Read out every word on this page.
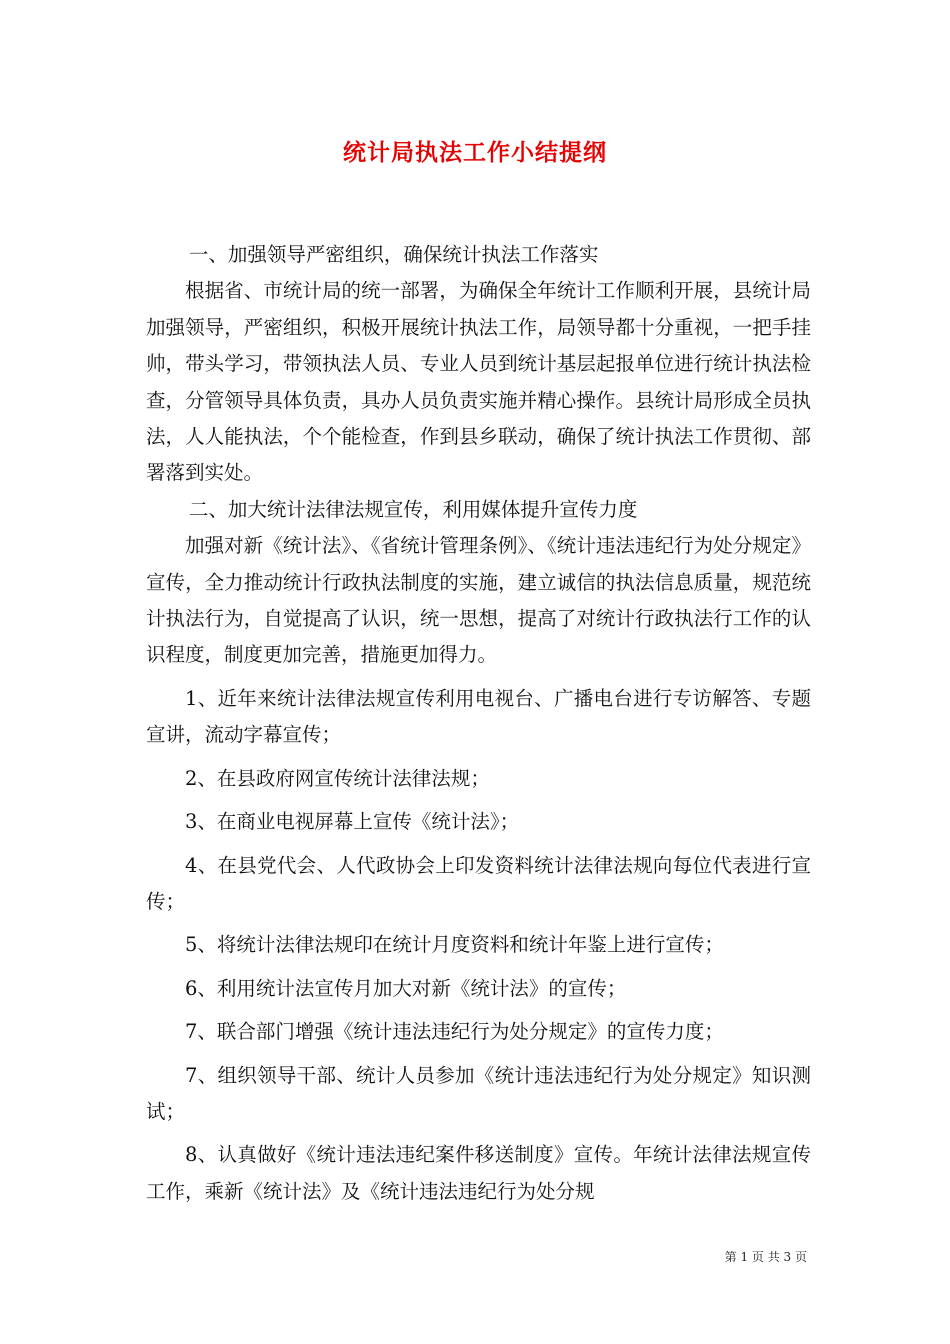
统计局执法工作小结提纲

一、加强领导严密组织，确保统计执法工作落实

根据省、市统计局的统一部署，为确保全年统计工作顺利开展，县统计局加强领导，严密组织，积极开展统计执法工作，局领导都十分重视，一把手挂帅，带头学习，带领执法人员、专业人员到统计基层起报单位进行统计执法检查，分管领导具体负责，具办人员负责实施并精心操作。县统计局形成全员执法，人人能执法，个个能检查，作到县乡联动，确保了统计执法工作贯彻、部署落到实处。

二、加大统计法律法规宣传，利用媒体提升宣传力度

加强对新《统计法》、《省统计管理条例》、《统计违法违纪行为处分规定》宣传，全力推动统计行政执法制度的实施，建立诚信的执法信息质量，规范统计执法行为，自觉提高了认识，统一思想，提高了对统计行政执法行工作的认识程度，制度更加完善，措施更加得力。

1、近年来统计法律法规宣传利用电视台、广播电台进行专访解答、专题宣讲，流动字幕宣传；

2、在县政府网宣传统计法律法规；

3、在商业电视屏幕上宣传《统计法》；

4、在县党代会、人代政协会上印发资料统计法律法规向每位代表进行宣传；

5、将统计法律法规印在统计月度资料和统计年鉴上进行宣传；

6、利用统计法宣传月加大对新《统计法》的宣传；

7、联合部门增强《统计违法违纪行为处分规定》的宣传力度；

7、组织领导干部、统计人员参加《统计违法违纪行为处分规定》知识测试；

8、认真做好《统计违法违纪案件移送制度》宣传。年统计法律法规宣传工作，乘新《统计法》及《统计违法违纪行为处分规

第 1 页 共 3 页
